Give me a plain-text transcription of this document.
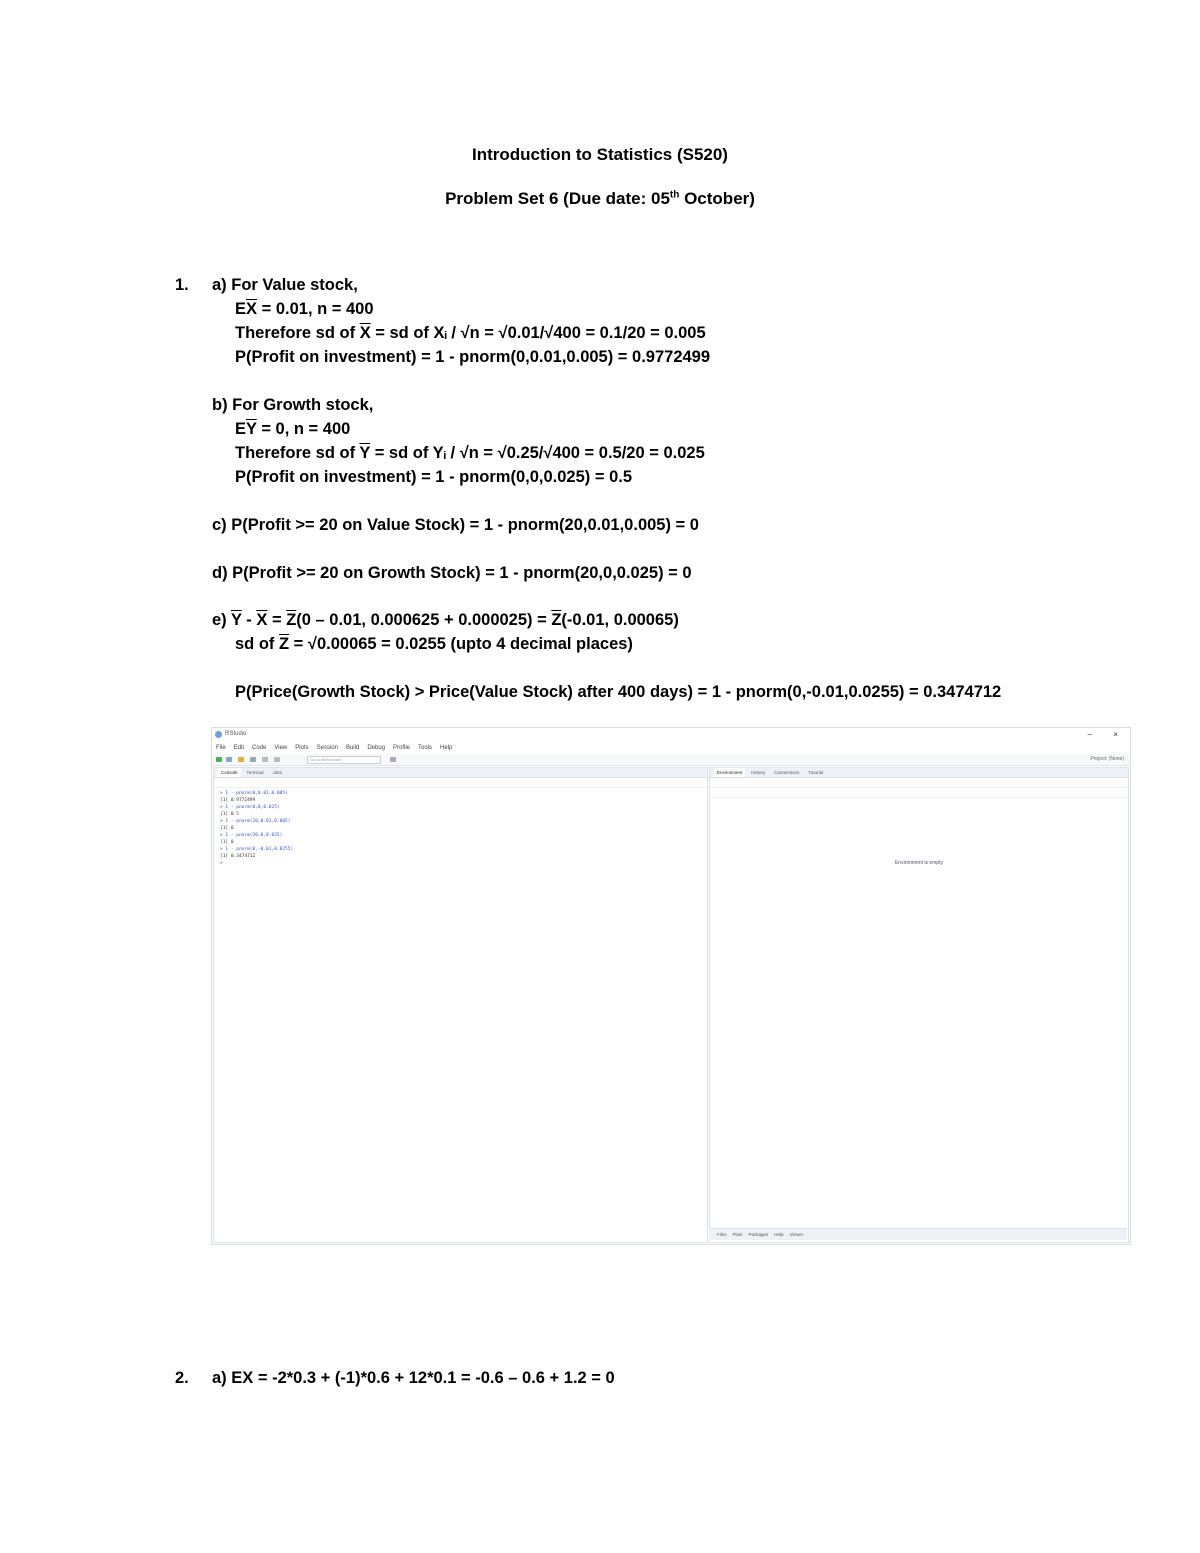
Introduction to Statistics (S520)
Problem Set 6 (Due date: 05th October)
1. a) For Value stock,
$E\overline{X} = 0.01$, n = 400
Therefore sd of $\overline{X}$ = sd of Xᵢ / √n = √0.01/√400 = 0.1/20 = 0.005
P(Profit on investment) = 1 - pnorm(0,0.01,0.005) = 0.9772499
b) For Growth stock,
$E\overline{Y} = 0$, n = 400
Therefore sd of $\overline{Y}$ = sd of Yᵢ / √n = √0.25/√400 = 0.5/20 = 0.025
P(Profit on investment) = 1 - pnorm(0,0,0.025) = 0.5
c) P(Profit >= 20 on Value Stock) = 1 - pnorm(20,0.01,0.005) = 0
d) P(Profit >= 20 on Growth Stock) = 1 - pnorm(20,0,0.025) = 0
e) $\overline{Y} - \overline{X} = \overline{Z}(0 - 0.01$, $0.000625 + 0.000025) = \overline{Z}(-0.01$, 0.00065)
sd of $\overline{Z} = √0.00065 = 0.0255$ (upto 4 decimal places)
P(Price(Growth Stock) > Price(Value Stock) after 400 days) = 1 - pnorm(0,-0.01,0.0255) = 0.3474712
RStudio	–	×
File Edit Code View Plots Session Build Debug Profile Tools Help
Go to file/function	Project: (None)
Console	Terminal	Jobs
> 1 - pnorm(0,0.01,0.005)
[1] 0.9772499
> 1 - pnorm(0,0,0.025)
[1] 0.5
> 1 - pnorm(20,0.01,0.005)
[1] 0
> 1 - pnorm(20,0,0.025)
[1] 0
> 1 - pnorm(0,-0.01,0.0255)
[1] 0.3474712
>
Environment	History	Connections	Tutorial
Environment is empty
Files Plots Packages Help Viewer
2. a) EX = -2*0.3 + (-1)*0.6 + 12*0.1 = -0.6 – 0.6 + 1.2 = 0
